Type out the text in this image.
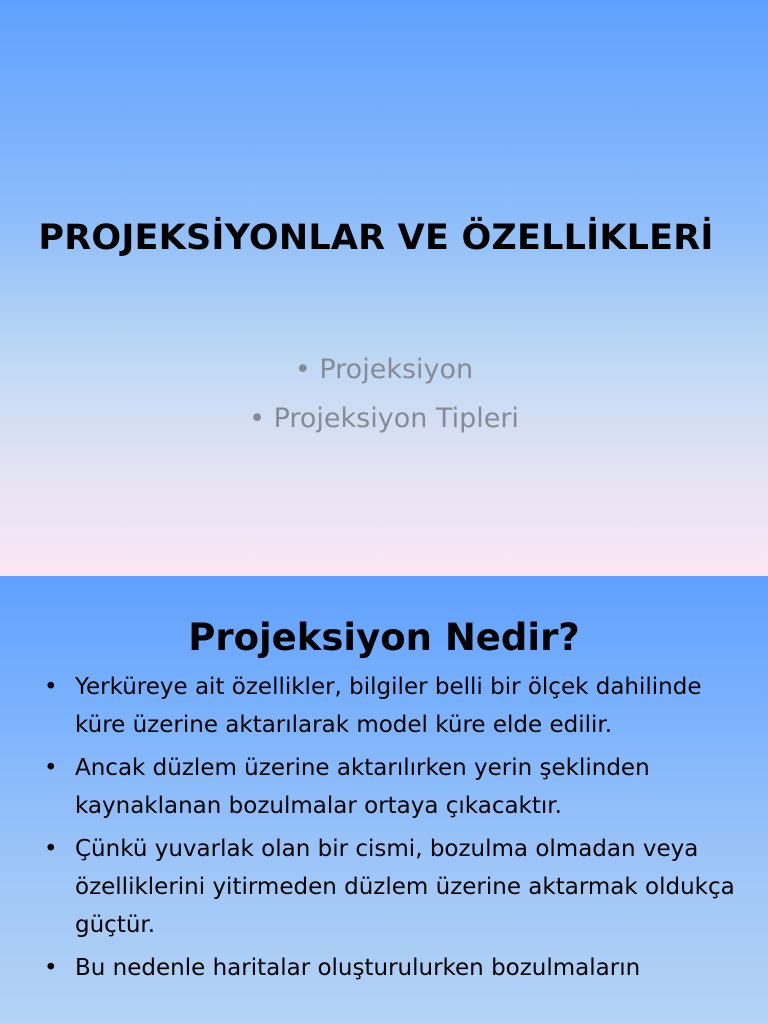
PROJEKSİYONLAR VE ÖZELLİKLERİ
• Projeksiyon
• Projeksiyon Tipleri
Projeksiyon Nedir?
• Yerküreye ait özellikler, bilgiler belli bir ölçek dahilinde küre üzerine aktarılarak model küre elde edilir.
• Ancak düzlem üzerine aktarılırken yerin şeklinden kaynaklanan bozulmalar ortaya çıkacaktır.
• Çünkü yuvarlak olan bir cismi, bozulma olmadan veya özelliklerini yitirmeden düzlem üzerine aktarmak oldukça güçtür.
• Bu nedenle haritalar oluşturulurken bozulmaların
